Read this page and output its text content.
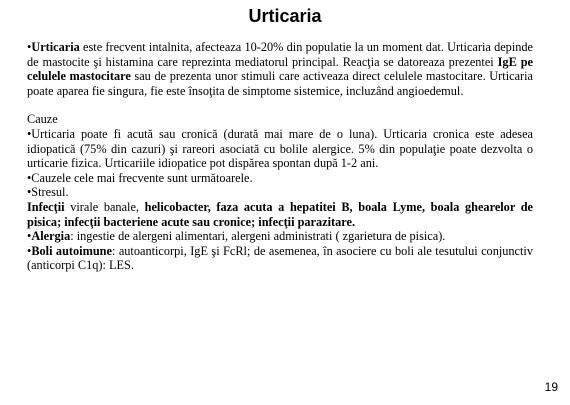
Urticaria

•Urticaria este frecvent intalnita, afecteaza 10-20% din populatie la un moment dat. Urticaria depinde de mastocite şi histamina care reprezinta mediatorul principal. Reacţia se datoreaza prezentei IgE pe celulele mastocitare sau de prezenta unor stimuli care activeaza direct celulele mastocitare. Urticaria poate aparea fie singura, fie este însoţita de simptome sistemice, incluzând angioedemul.

Cauze

•Urticaria poate fi acută sau cronică (durată mai mare de o luna). Urticaria cronica este adesea idiopatică (75% din cazuri) şi rareori asociată cu bolile alergice. 5% din populaţie poate dezvolta o urticarie fizica. Urticariile idiopatice pot dispărea spontan după 1-2 ani.

•Cauzele cele mai frecvente sunt următoarele.

•Stresul.

Infecţii virale banale, helicobacter, faza acuta a hepatitei B, boala Lyme, boala ghearelor de pisica; infecţii bacteriene acute sau cronice; infecţii parazitare.

•Alergia: ingestie de alergeni alimentari, alergeni administrati ( zgarietura de pisica).

•Boli autoimune: autoanticorpi, IgE şi FcRl; de asemenea, în asociere cu boli ale tesutului conjunctiv (anticorpi C1q): LES.

19
